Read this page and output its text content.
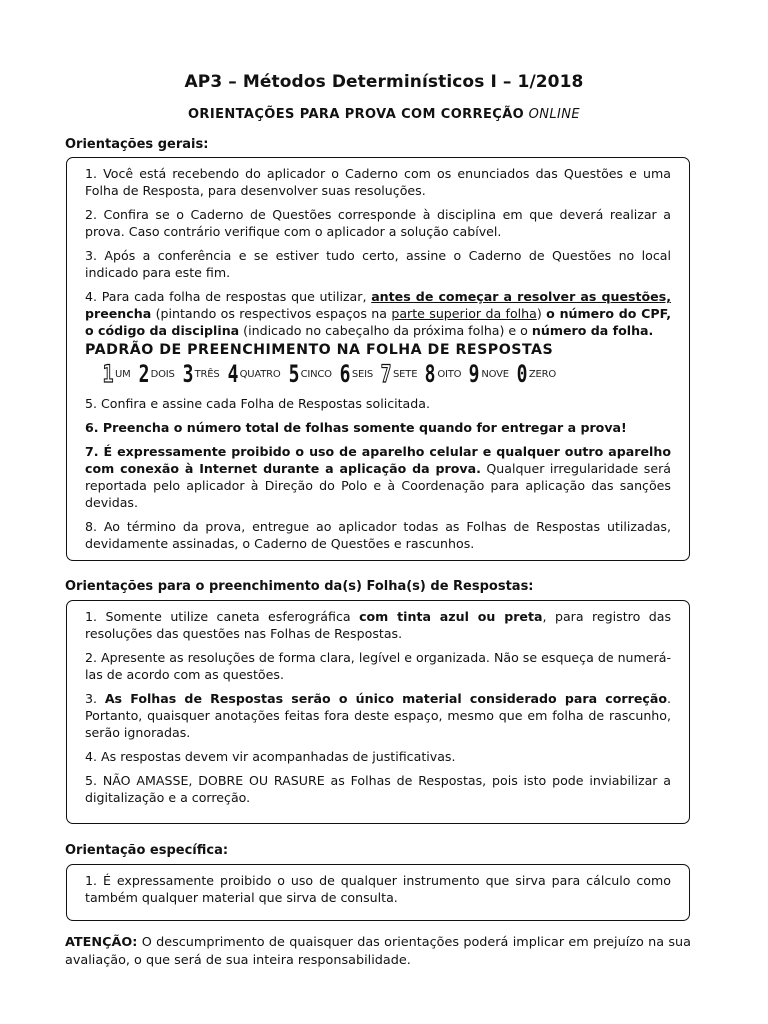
AP3 – Métodos Determinísticos I – 1/2018
ORIENTAÇÕES PARA PROVA COM CORREÇÃO ONLINE
Orientações gerais:

1. Você está recebendo do aplicador o Caderno com os enunciados das Questões e uma Folha de Resposta, para desenvolver suas resoluções.

2. Confira se o Caderno de Questões corresponde à disciplina em que deverá realizar a prova. Caso contrário verifique com o aplicador a solução cabível.

3. Após a conferência e se estiver tudo certo, assine o Caderno de Questões no local indicado para este fim.

4. Para cada folha de respostas que utilizar, antes de começar a resolver as questões, preencha (pintando os respectivos espaços na parte superior da folha) o número do CPF, o código da disciplina (indicado no cabeçalho da próxima folha) e o número da folha.

PADRÃO DE PREENCHIMENTO NA FOLHA DE RESPOSTAS
1 UM 2 DOIS 3 TRÊS 4 QUATRO 5 CINCO 6 SEIS 7 SETE 8 OITO 9 NOVE 0 ZERO

5. Confira e assine cada Folha de Respostas solicitada.

6. Preencha o número total de folhas somente quando for entregar a prova!

7. É expressamente proibido o uso de aparelho celular e qualquer outro aparelho com conexão à Internet durante a aplicação da prova. Qualquer irregularidade será reportada pelo aplicador à Direção do Polo e à Coordenação para aplicação das sanções devidas.

8. Ao término da prova, entregue ao aplicador todas as Folhas de Respostas utilizadas, devidamente assinadas, o Caderno de Questões e rascunhos.

Orientações para o preenchimento da(s) Folha(s) de Respostas:

1. Somente utilize caneta esferográfica com tinta azul ou preta, para registro das resoluções das questões nas Folhas de Respostas.

2. Apresente as resoluções de forma clara, legível e organizada. Não se esqueça de numerá-las de acordo com as questões.

3. As Folhas de Respostas serão o único material considerado para correção. Portanto, quaisquer anotações feitas fora deste espaço, mesmo que em folha de rascunho, serão ignoradas.

4. As respostas devem vir acompanhadas de justificativas.

5. NÃO AMASSE, DOBRE OU RASURE as Folhas de Respostas, pois isto pode inviabilizar a digitalização e a correção.

Orientação específica:

1. É expressamente proibido o uso de qualquer instrumento que sirva para cálculo como também qualquer material que sirva de consulta.

ATENÇÃO: O descumprimento de quaisquer das orientações poderá implicar em prejuízo na sua avaliação, o que será de sua inteira responsabilidade.
